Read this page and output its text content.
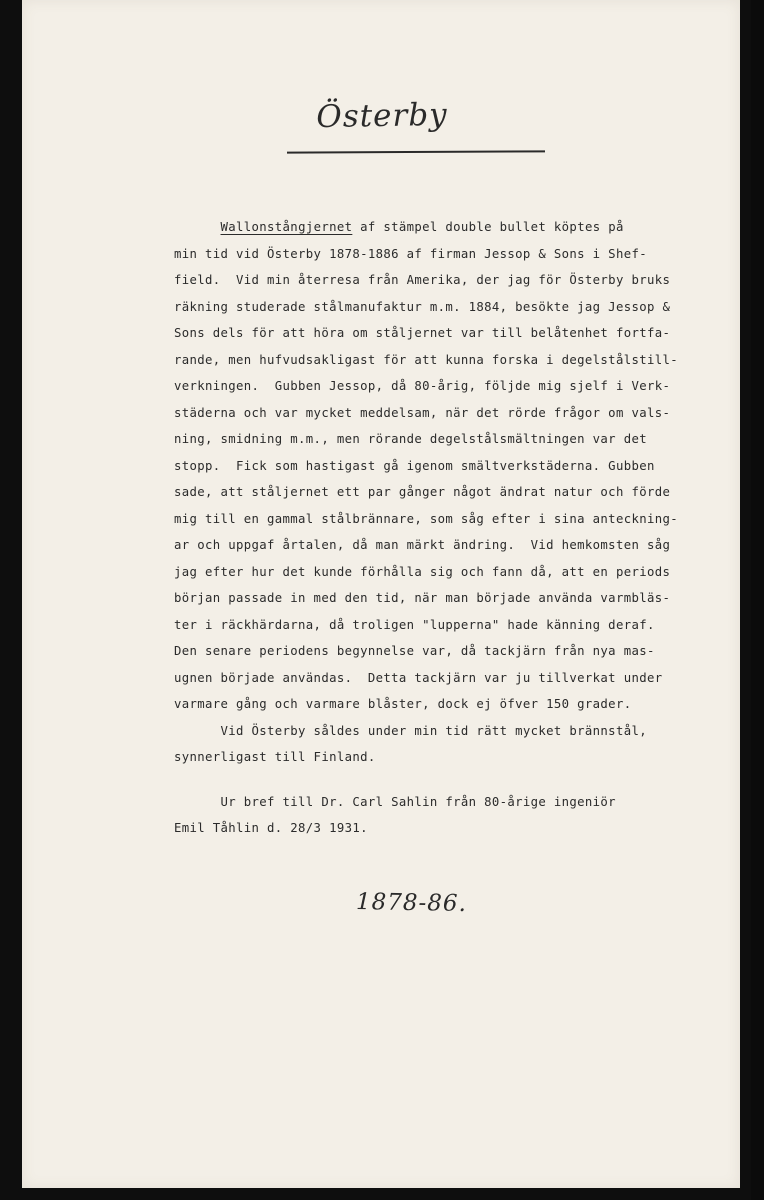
Österby
Wallonstångjernet af stämpel double bullet köptes på
min tid vid Österby 1878-1886 af firman Jessop & Sons i Shef-
field.  Vid min återresa från Amerika, der jag för Österby bruks
räkning studerade stålmanufaktur m.m. 1884, besökte jag Jessop &
Sons dels för att höra om ståljernet var till belåtenhet fortfa-
rande, men hufvudsakligast för att kunna forska i degelstålstill-
verkningen.  Gubben Jessop, då 80-årig, följde mig sjelf i Verk-
städerna och var mycket meddelsam, när det rörde frågor om vals-
ning, smidning m.m., men rörande degelstålsmältningen var det
stopp.  Fick som hastigast gå igenom smältverkstäderna. Gubben
sade, att ståljernet ett par gånger något ändrat natur och förde
mig till en gammal stålbrännare, som såg efter i sina anteckning-
ar och uppgaf årtalen, då man märkt ändring.  Vid hemkomsten såg
jag efter hur det kunde förhålla sig och fann då, att en periods
början passade in med den tid, när man började använda varmbläs-
ter i räckhärdarna, då troligen "lupperna" hade känning deraf.
Den senare periodens begynnelse var, då tackjärn från nya mas-
ugnen började användas.  Detta tackjärn var ju tillverkat under
varmare gång och varmare blåster, dock ej öfver 150 grader.
Vid Österby såldes under min tid rätt mycket brännstål,
synnerligast till Finland.
Ur bref till Dr. Carl Sahlin från 80-årige ingeniör
Emil Tåhlin d. 28/3 1931.
1878-86.
